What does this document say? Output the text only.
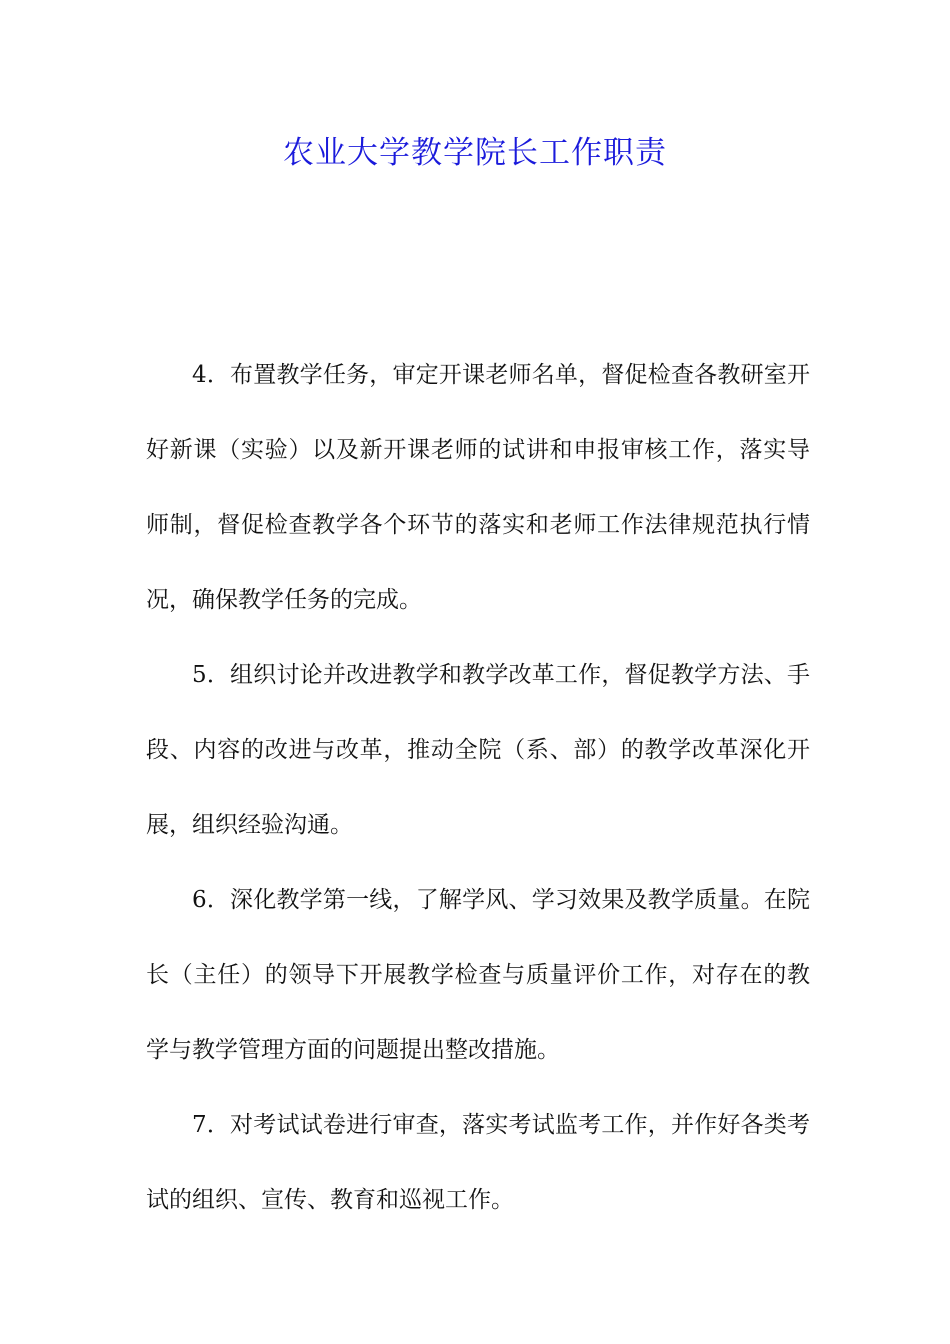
农业大学教学院长工作职责

4．布置教学任务，审定开课老师名单，督促检查各教研室开好新课（实验）以及新开课老师的试讲和申报审核工作，落实导师制，督促检查教学各个环节的落实和老师工作法律规范执行情况，确保教学任务的完成。

5．组织讨论并改进教学和教学改革工作，督促教学方法、手段、内容的改进与改革，推动全院（系、部）的教学改革深化开展，组织经验沟通。

6．深化教学第一线，了解学风、学习效果及教学质量。在院长（主任）的领导下开展教学检查与质量评价工作，对存在的教学与教学管理方面的问题提出整改措施。

7．对考试试卷进行审查，落实考试监考工作，并作好各类考试的组织、宣传、教育和巡视工作。
